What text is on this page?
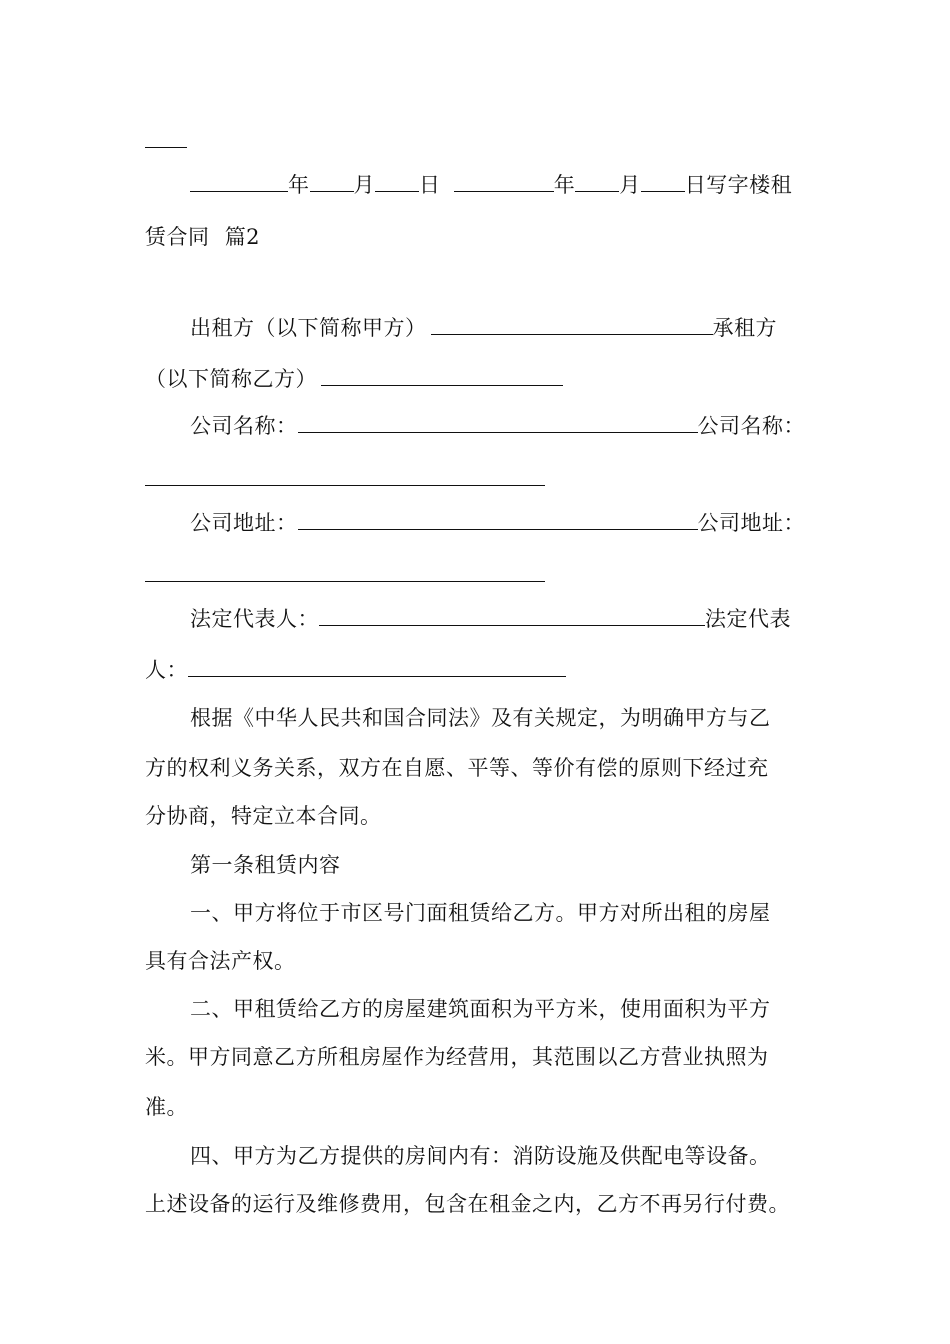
年 月 日	年 月 日写字楼租
赁合同 篇2
出租方（以下简称甲方）	承租方
（以下简称乙方）
公司名称：	公司名称：
公司地址：	公司地址：
法定代表人：	法定代表
人：
根据《中华人民共和国合同法》及有关规定，为明确甲方与乙
方的权利义务关系，双方在自愿、平等、等价有偿的原则下经过充
分协商，特定立本合同。
第一条租赁内容
一、甲方将位于市区号门面租赁给乙方。甲方对所出租的房屋
具有合法产权。
二、甲租赁给乙方的房屋建筑面积为平方米，使用面积为平方
米。甲方同意乙方所租房屋作为经营用，其范围以乙方营业执照为
准。
四、甲方为乙方提供的房间内有：消防设施及供配电等设备。
上述设备的运行及维修费用，包含在租金之内，乙方不再另行付费。
